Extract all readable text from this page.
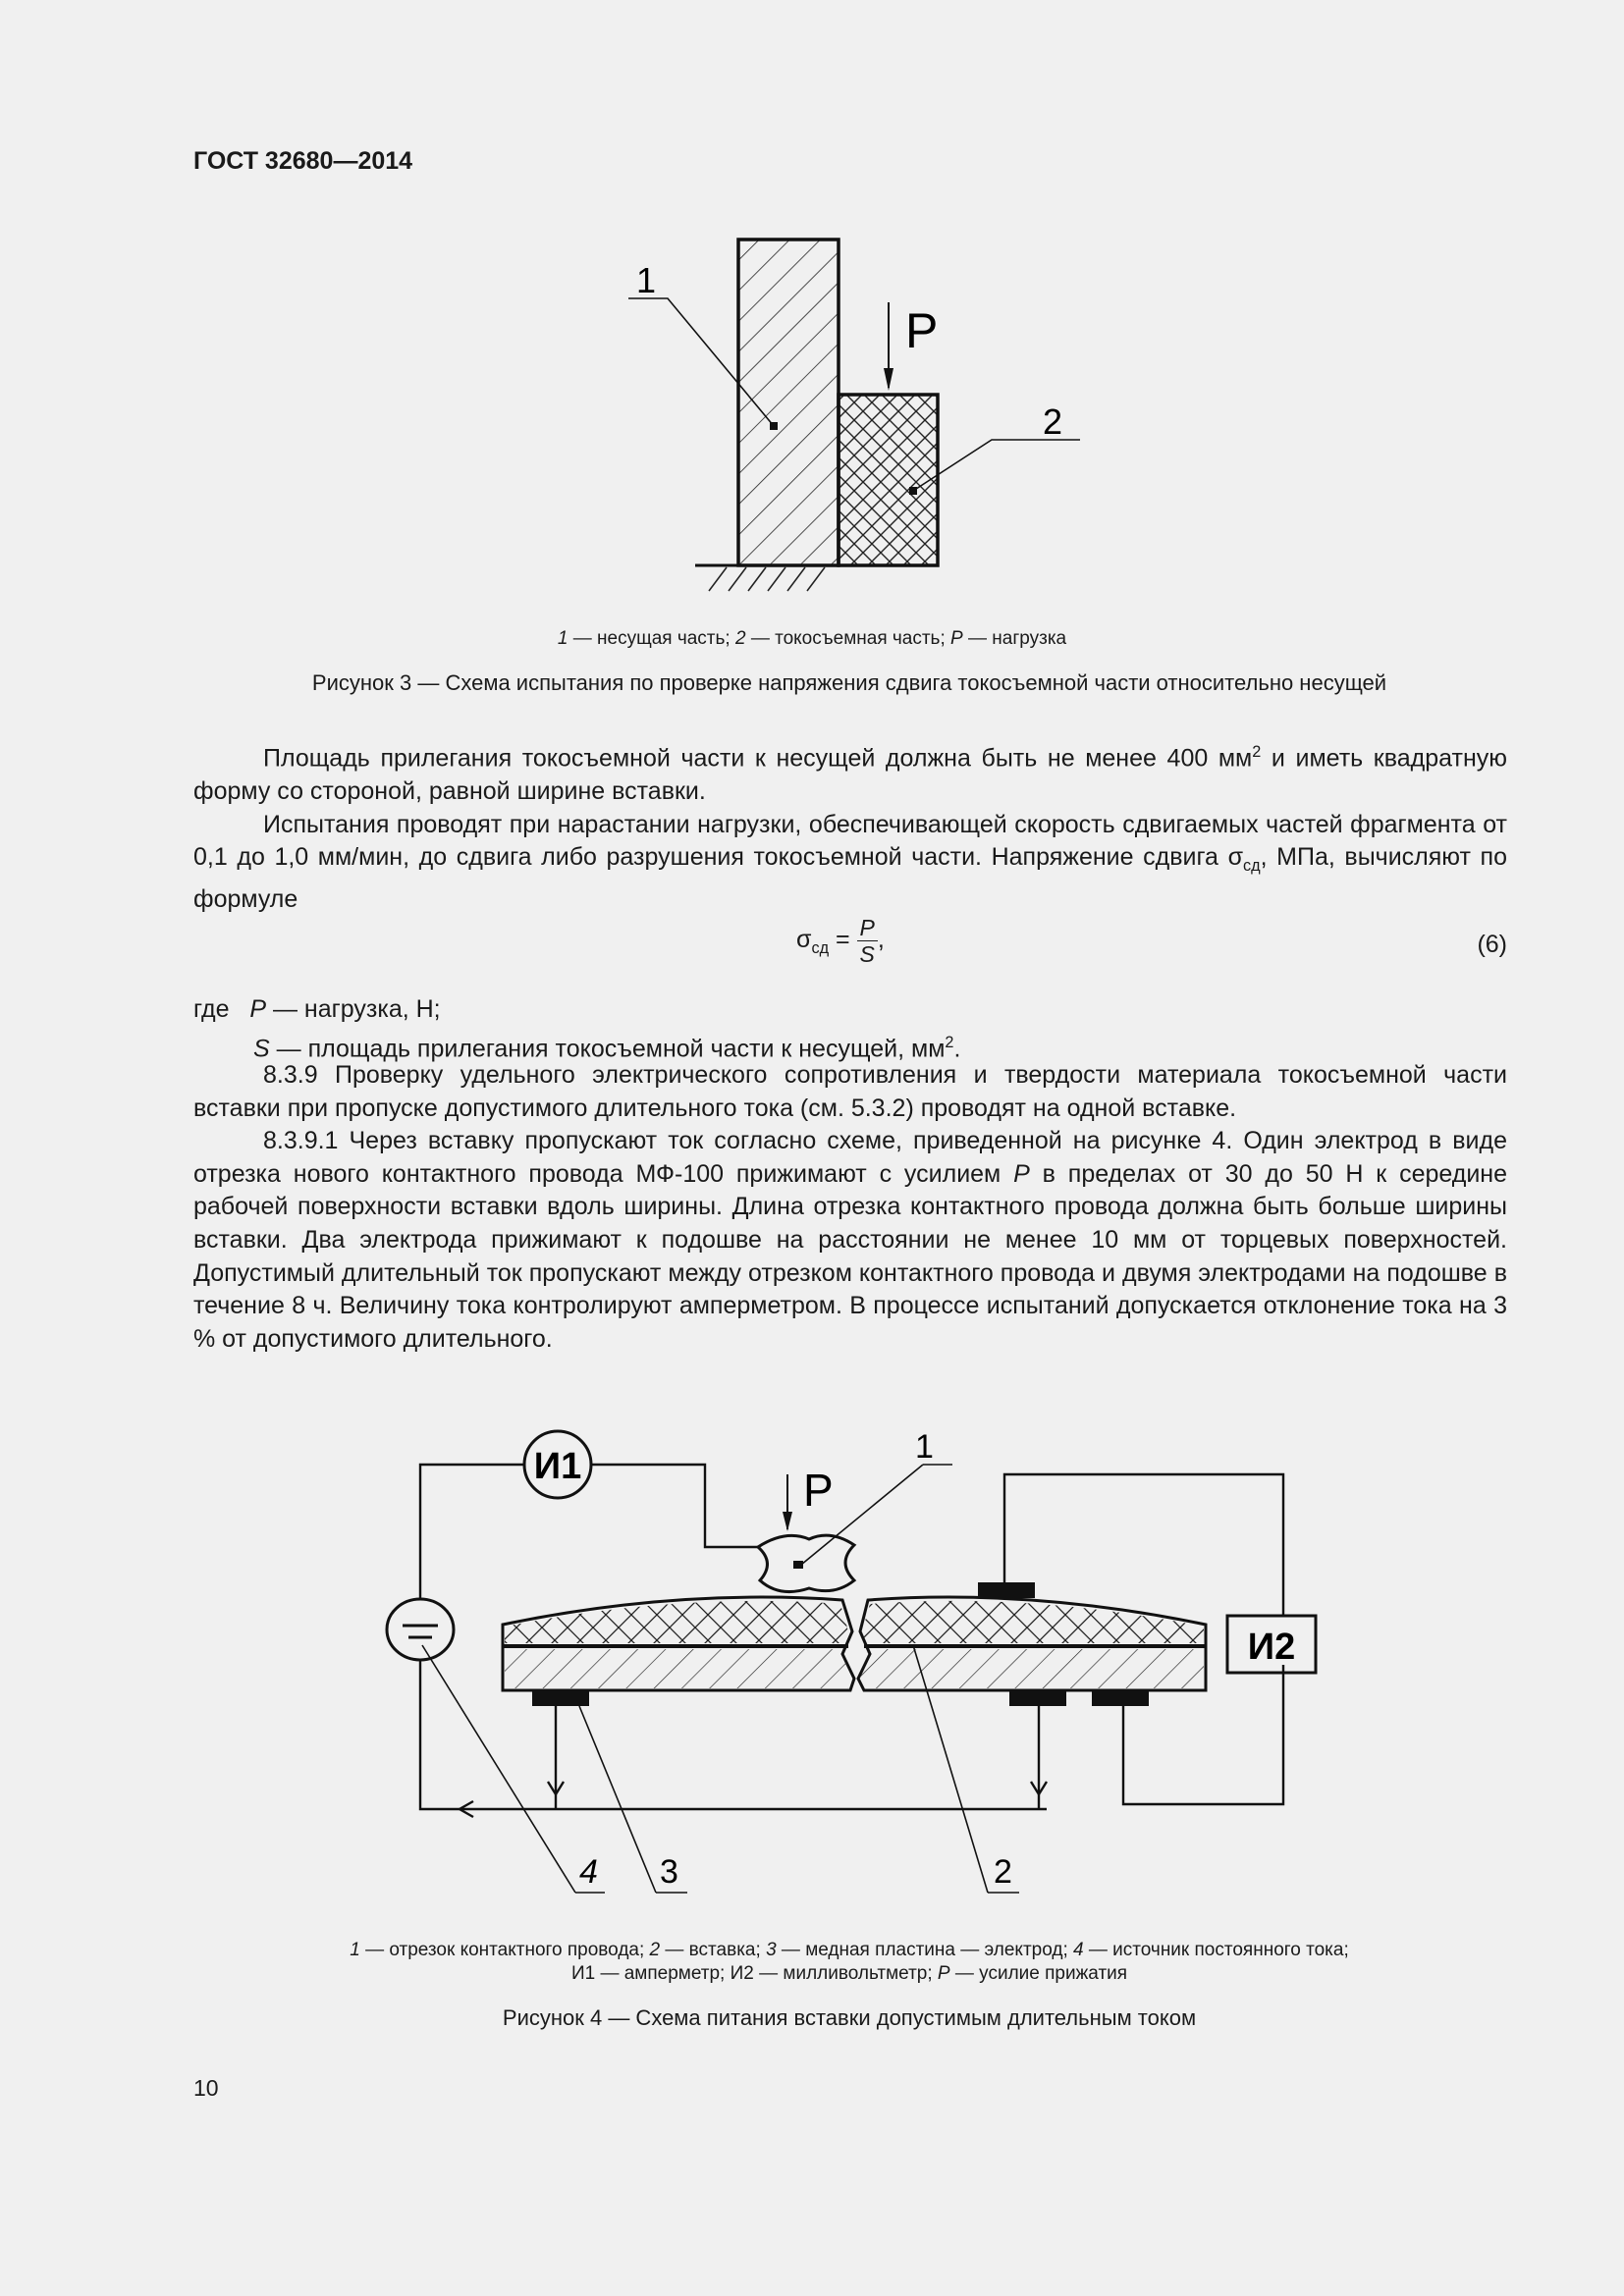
ГОСТ 32680—2014
1
P
2
1 — несущая часть; 2 — токосъемная часть; P — нагрузка
Рисунок 3 — Схема испытания по проверке напряжения сдвига токосъемной части относительно несущей

Площадь прилегания токосъемной части к несущей должна быть не менее 400 $мм^2$ и иметь квадратную форму со стороной, равной ширине вставки.

Испытания проводят при нарастании нагрузки, обеспечивающей скорость сдвигаемых частей фрагмента от 0,1 до 1,0 мм/мин, до сдвига либо разрушения токосъемной части. Напряжение сдвига $\sigma_{сд}$, МПа, вычисляют по формуле

$\sigma_{сд} = \frac{P}{S}$ ,	(6)
где P — нагрузка, Н;
S — площадь прилегания токосъемной части к несущей, $мм^2$.

8.3.9 Проверку удельного электрического сопротивления и твердости материала токосъемной части вставки при пропуске допустимого длительного тока (см. 5.3.2) проводят на одной вставке.

8.3.9.1 Через вставку пропускают ток согласно схеме, приведенной на рисунке 4. Один электрод в виде отрезка нового контактного провода МФ-100 прижимают с усилием P в пределах от 30 до 50 Н к середине рабочей поверхности вставки вдоль ширины. Длина отрезка контактного провода должна быть больше ширины вставки. Два электрода прижимают к подошве на расстоянии не менее 10 мм от торцевых поверхностей. Допустимый длительный ток пропускают между отрезком контактного провода и двумя электродами на подошве в течение 8 ч. Величину тока контролируют амперметром. В процессе испытаний допускается отклонение тока на 3 % от допустимого длительного.

И1
И2
P
1
4 3	2
1 — отрезок контактного провода; 2 — вставка; 3 — медная пластина — электрод; 4 — источник постоянного тока;
И1 — амперметр; И2 — милливольтметр; P — усилие прижатия
Рисунок 4 — Схема питания вставки допустимым длительным током
10
